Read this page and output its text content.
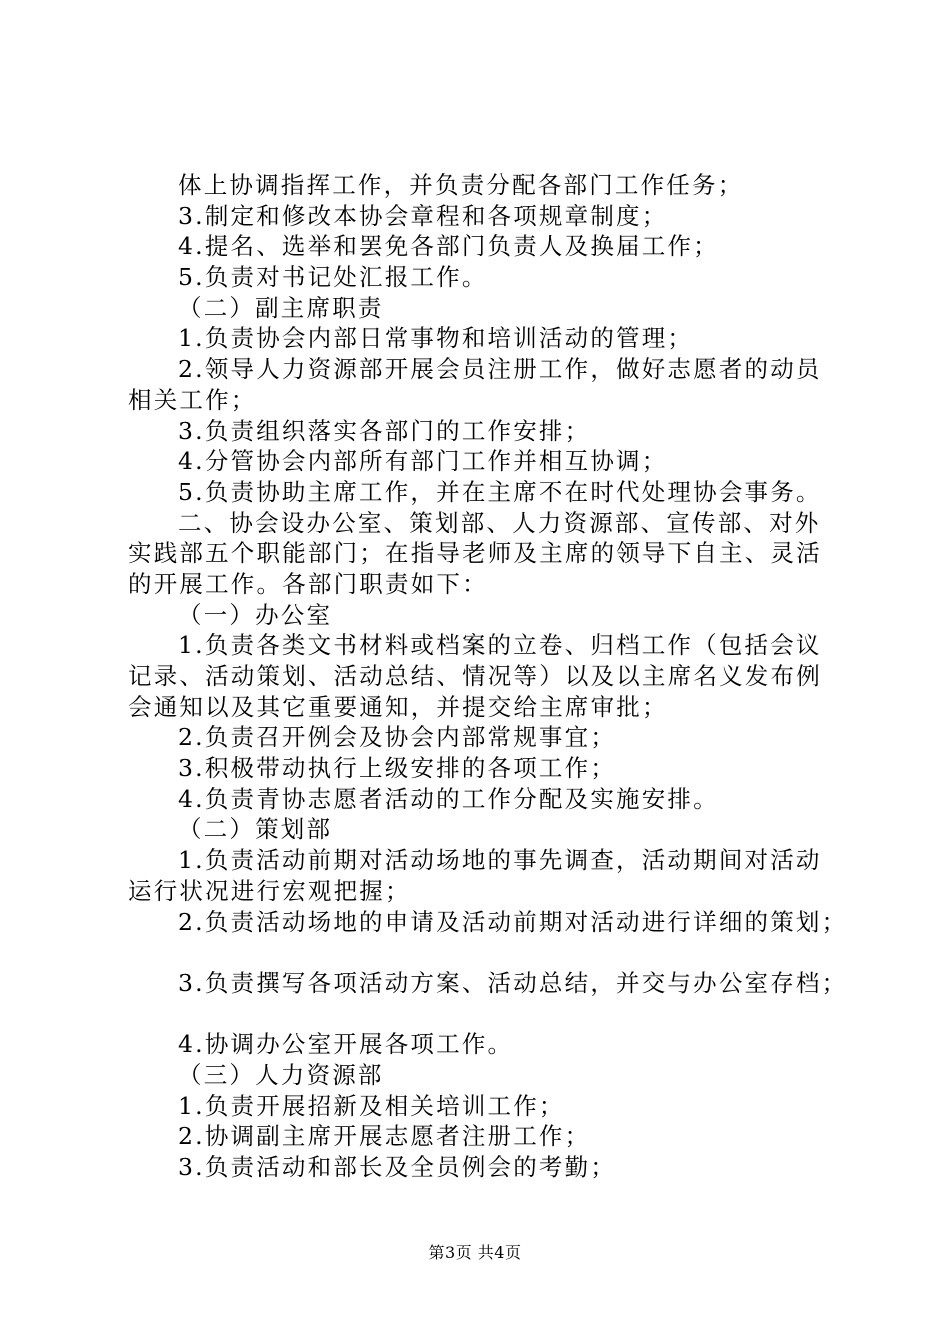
体上协调指挥工作，并负责分配各部门工作任务；
3.制定和修改本协会章程和各项规章制度；
4.提名、选举和罢免各部门负责人及换届工作；
5.负责对书记处汇报工作。
（二）副主席职责
1.负责协会内部日常事物和培训活动的管理；
2.领导人力资源部开展会员注册工作，做好志愿者的动员
相关工作；
3.负责组织落实各部门的工作安排；
4.分管协会内部所有部门工作并相互协调；
5.负责协助主席工作，并在主席不在时代处理协会事务。
二、协会设办公室、策划部、人力资源部、宣传部、对外
实践部五个职能部门；在指导老师及主席的领导下自主、灵活
的开展工作。各部门职责如下：
（一）办公室
1.负责各类文书材料或档案的立卷、归档工作（包括会议
记录、活动策划、活动总结、情况等）以及以主席名义发布例
会通知以及其它重要通知，并提交给主席审批；
2.负责召开例会及协会内部常规事宜；
3.积极带动执行上级安排的各项工作；
4.负责青协志愿者活动的工作分配及实施安排。
（二）策划部
1.负责活动前期对活动场地的事先调查，活动期间对活动
运行状况进行宏观把握；
2.负责活动场地的申请及活动前期对活动进行详细的策划；
3.负责撰写各项活动方案、活动总结，并交与办公室存档；
4.协调办公室开展各项工作。
（三）人力资源部
1.负责开展招新及相关培训工作；
2.协调副主席开展志愿者注册工作；
3.负责活动和部长及全员例会的考勤；
第3页 共4页
